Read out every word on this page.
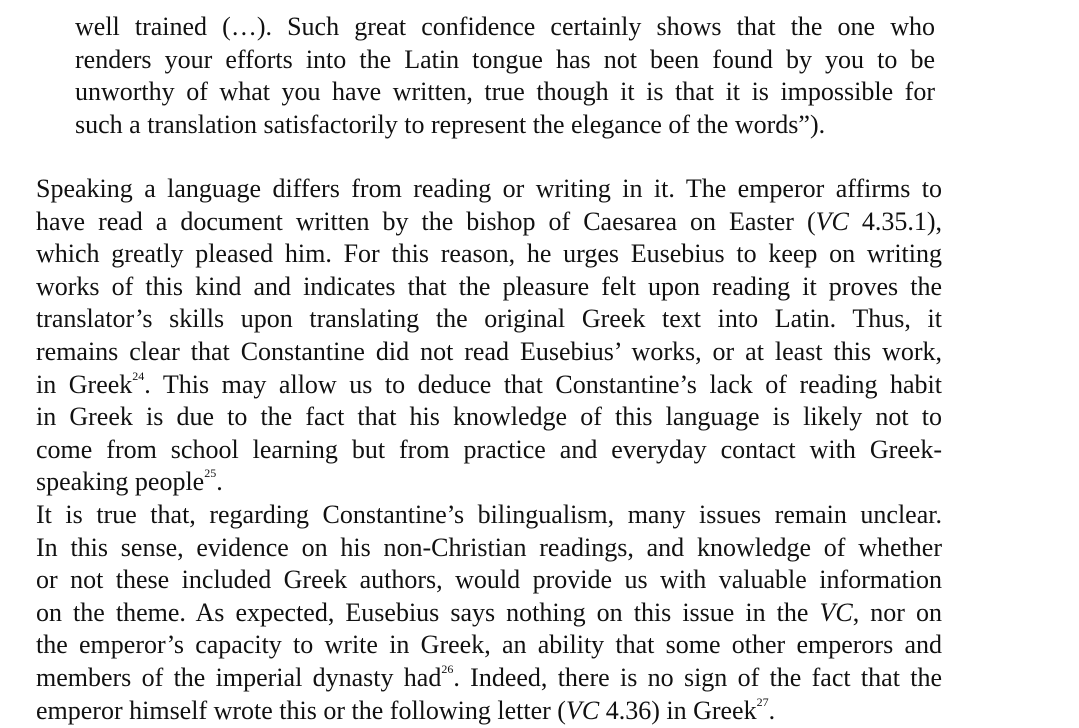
well trained (…). Such great confidence certainly shows that the one who
renders your efforts into the Latin tongue has not been found by you to be
unworthy of what you have written, true though it is that it is impossible for
such a translation satisfactorily to represent the elegance of the words”).
Speaking a language differs from reading or writing in it. The emperor affirms to
have read a document written by the bishop of Caesarea on Easter (VC 4.35.1),
which greatly pleased him. For this reason, he urges Eusebius to keep on writing
works of this kind and indicates that the pleasure felt upon reading it proves the
translator’s skills upon translating the original Greek text into Latin. Thus, it
remains clear that Constantine did not read Eusebius’ works, or at least this work,
in Greek$^{24}$. This may allow us to deduce that Constantine’s lack of reading habit
in Greek is due to the fact that his knowledge of this language is likely not to
come from school learning but from practice and everyday contact with Greek-
speaking people$^{25}$.
It is true that, regarding Constantine’s bilingualism, many issues remain unclear.
In this sense, evidence on his non-Christian readings, and knowledge of whether
or not these included Greek authors, would provide us with valuable information
on the theme. As expected, Eusebius says nothing on this issue in the VC, nor on
the emperor’s capacity to write in Greek, an ability that some other emperors and
members of the imperial dynasty had$^{26}$. Indeed, there is no sign of the fact that the
emperor himself wrote this or the following letter (VC 4.36) in Greek$^{27}$.
